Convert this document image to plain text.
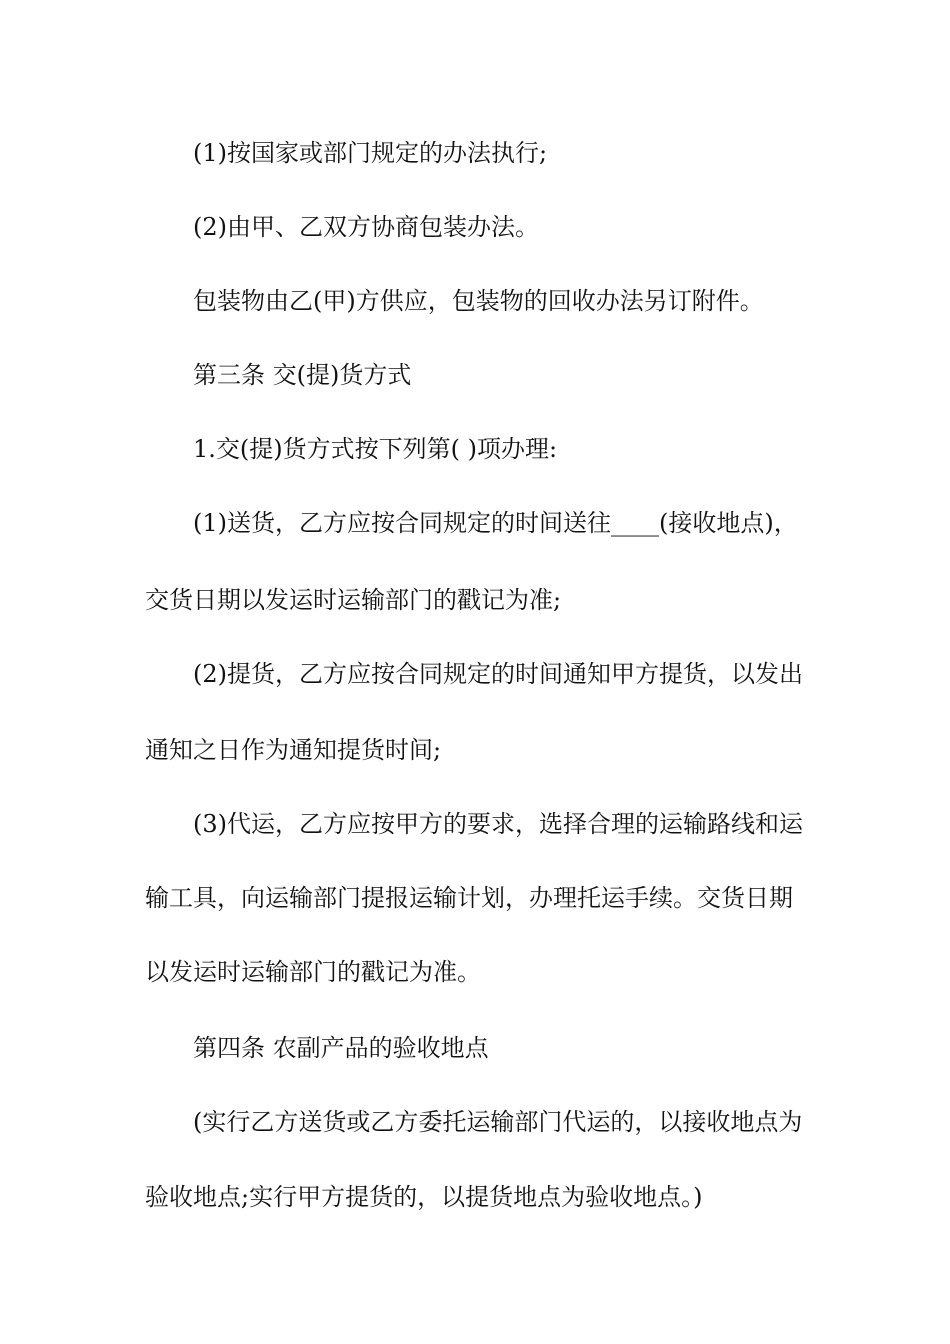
(1)按国家或部门规定的办法执行;
(2)由甲、乙双方协商包装办法。
包装物由乙(甲)方供应，包装物的回收办法另订附件。
第三条 交(提)货方式
1.交(提)货方式按下列第( )项办理:
(1)送货，乙方应按合同规定的时间送往____(接收地点)，
交货日期以发运时运输部门的戳记为准;
(2)提货，乙方应按合同规定的时间通知甲方提货，以发出
通知之日作为通知提货时间;
(3)代运，乙方应按甲方的要求，选择合理的运输路线和运
输工具，向运输部门提报运输计划，办理托运手续。交货日期
以发运时运输部门的戳记为准。
第四条 农副产品的验收地点
(实行乙方送货或乙方委托运输部门代运的，以接收地点为
验收地点;实行甲方提货的，以提货地点为验收地点。)
